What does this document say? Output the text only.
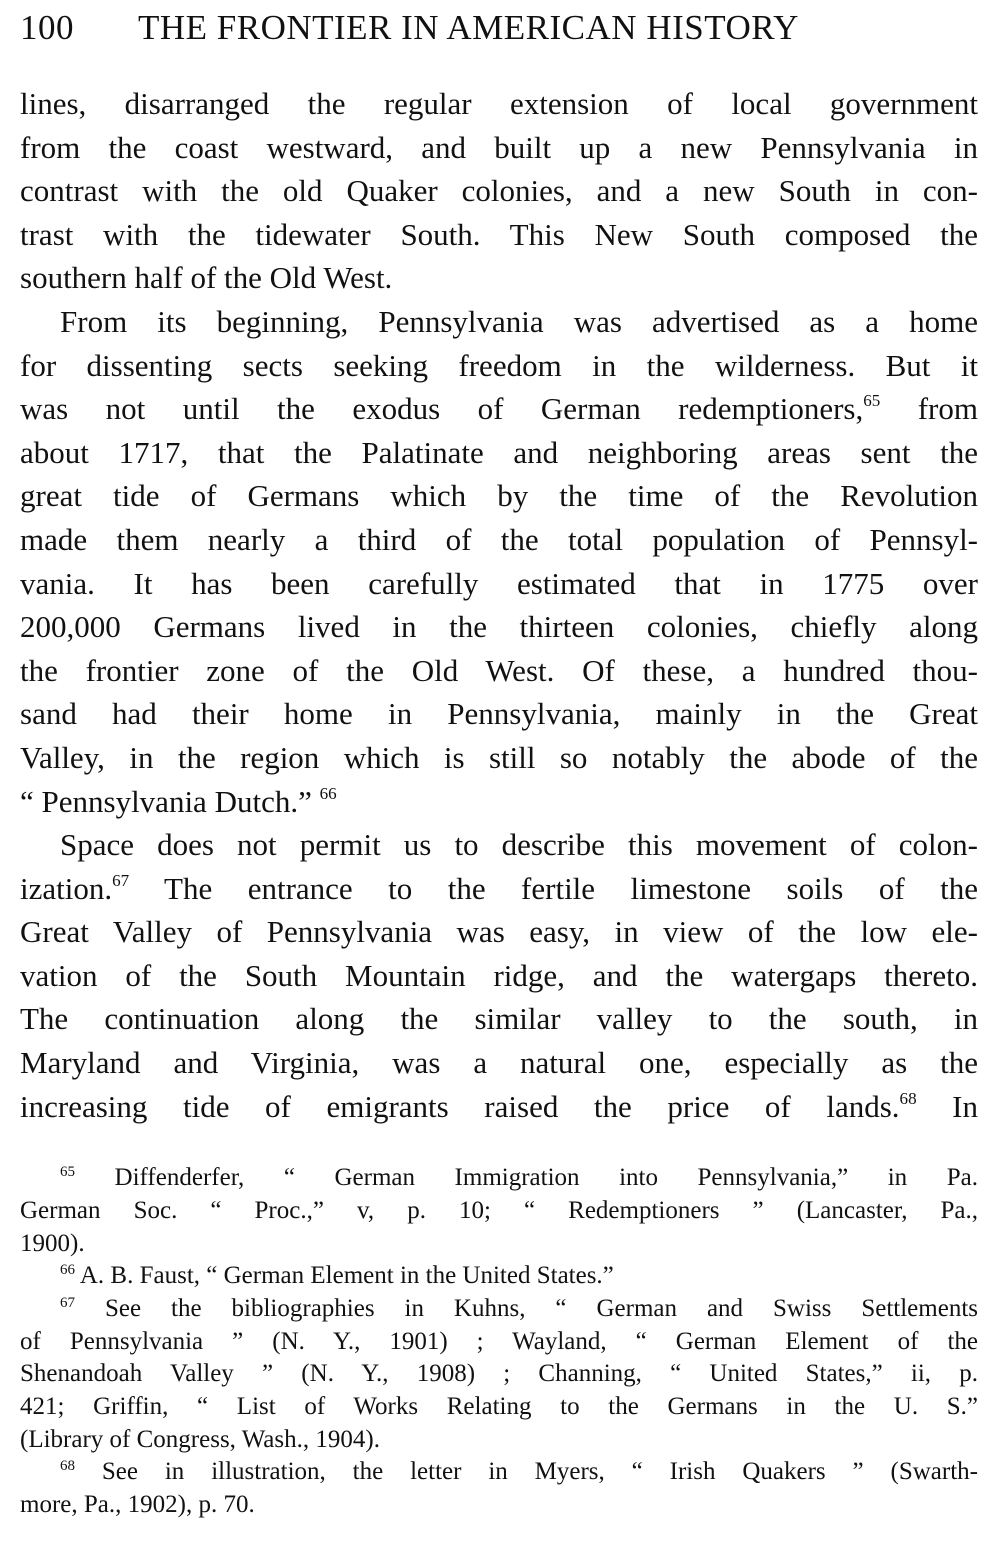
100 THE FRONTIER IN AMERICAN HISTORY
lines, disarranged the regular extension of local government
from the coast westward, and built up a new Pennsylvania in
contrast with the old Quaker colonies, and a new South in con-
trast with the tidewater South. This New South composed the
southern half of the Old West.
From its beginning, Pennsylvania was advertised as a home
for dissenting sects seeking freedom in the wilderness. But it
was not until the exodus of German redemptioners,$^{65}$ from
about 1717, that the Palatinate and neighboring areas sent the
great tide of Germans which by the time of the Revolution
made them nearly a third of the total population of Pennsyl-
vania. It has been carefully estimated that in 1775 over
200,000 Germans lived in the thirteen colonies, chiefly along
the frontier zone of the Old West. Of these, a hundred thou-
sand had their home in Pennsylvania, mainly in the Great
Valley, in the region which is still so notably the abode of the
“ Pennsylvania Dutch.” $^{66}$
Space does not permit us to describe this movement of colon-
ization.$^{67}$ The entrance to the fertile limestone soils of the
Great Valley of Pennsylvania was easy, in view of the low ele-
vation of the South Mountain ridge, and the watergaps thereto.
The continuation along the similar valley to the south, in
Maryland and Virginia, was a natural one, especially as the
increasing tide of emigrants raised the price of lands.$^{68}$ In
$^{65}$ Diffenderfer, “ German Immigration into Pennsylvania,” in Pa.
German Soc. “ Proc.,” v, p. 10; “ Redemptioners ” (Lancaster, Pa.,
1900).
$^{66}$ A. B. Faust, “ German Element in the United States.”
$^{67}$ See the bibliographies in Kuhns, “ German and Swiss Settlements
of Pennsylvania ” (N. Y., 1901) ; Wayland, “ German Element of the
Shenandoah Valley ” (N. Y., 1908) ; Channing, “ United States,” ii, p.
421; Griffin, “ List of Works Relating to the Germans in the U. S.”
(Library of Congress, Wash., 1904).
$^{68}$ See in illustration, the letter in Myers, “ Irish Quakers ” (Swarth-
more, Pa., 1902), p. 70.
